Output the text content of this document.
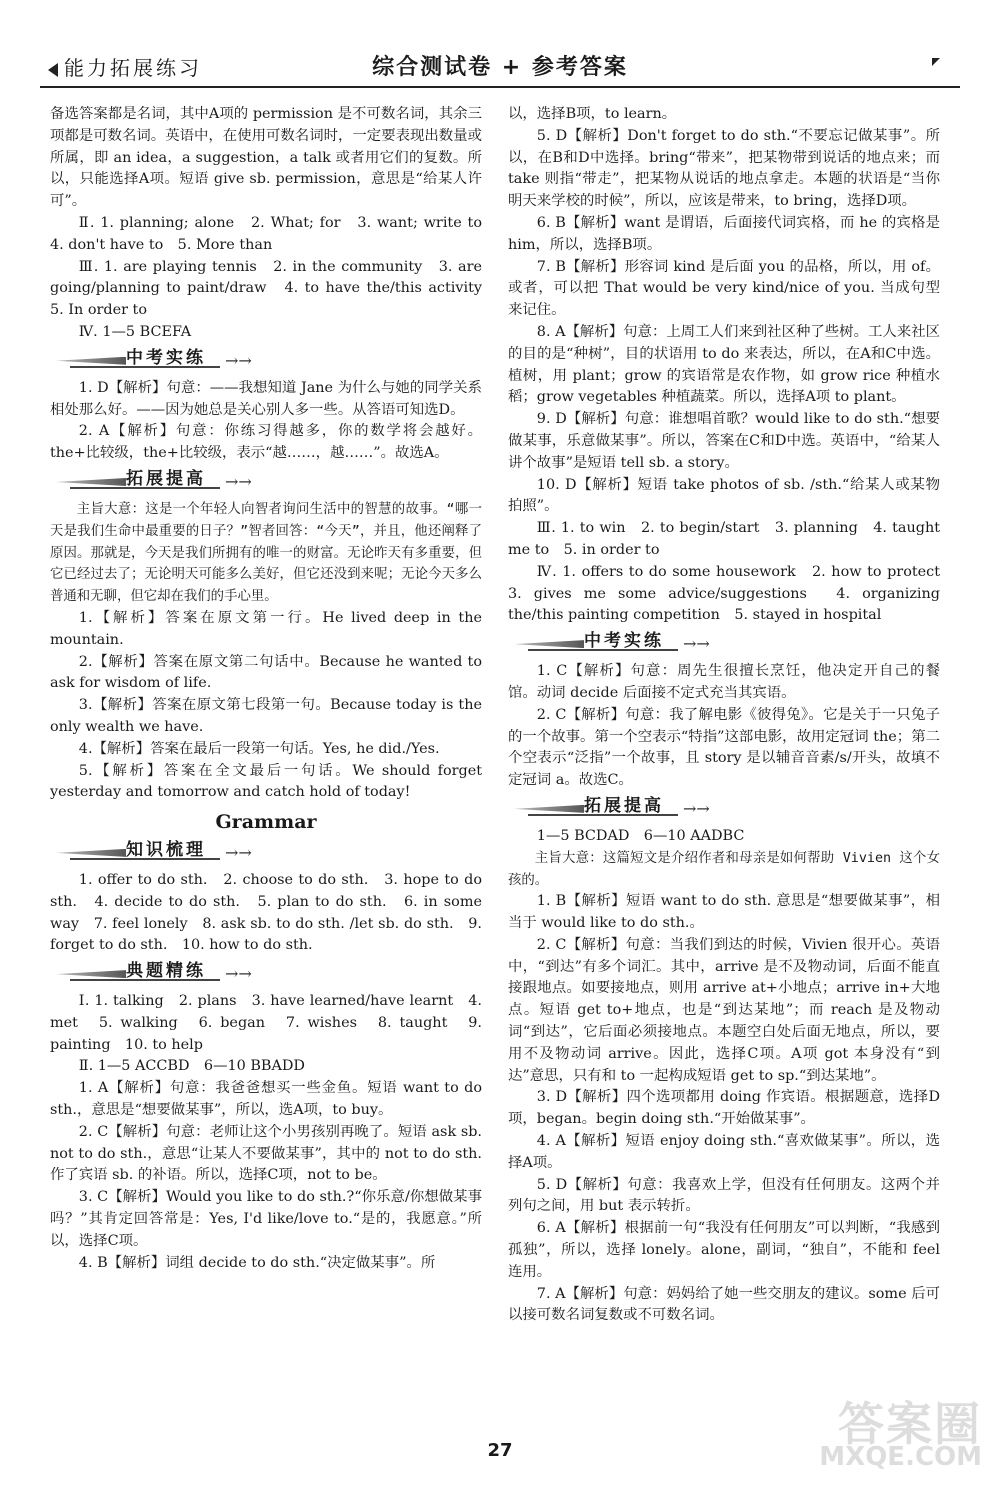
能力拓展练习	综合测试卷 + 参考答案

备选答案都是名词，其中A项的 permission 是不可数名词，其余三项都是可数名词。英语中，在使用可数名词时，一定要表现出数量或所属，即 an idea，a suggestion，a talk 或者用它们的复数。所以，只能选择A项。短语 give sb. permission，意思是“给某人许可”。

Ⅱ. 1. planning; alone　2. What; for　3. want; write to　4. don't have to　5. More than

Ⅲ. 1. are playing tennis　2. in the community　3. are going/planning to paint/draw　4. to have the/this activity　5. In order to

Ⅳ. 1—5 BCEFA

中考实练 →→

1. D【解析】句意：——我想知道 Jane 为什么与她的同学关系相处那么好。——因为她总是关心别人多一些。从答语可知选D。

2. A【解析】句意：你练习得越多，你的数学将会越好。the+比较级，the+比较级，表示“越……，越……”。故选A。

拓展提高 →→

主旨大意：这是一个年轻人向智者询问生活中的智慧的故事。“哪一天是我们生命中最重要的日子？”智者回答：“今天”，并且，他还阐释了原因。那就是，今天是我们所拥有的唯一的财富。无论昨天有多重要，但它已经过去了；无论明天可能多么美好，但它还没到来呢；无论今天多么普通和无聊，但它却在我们的手心里。

1.【解析】答案在原文第一行。He lived deep in the mountain.

2.【解析】答案在原文第二句话中。Because he wanted to ask for wisdom of life.

3.【解析】答案在原文第七段第一句。Because today is the only wealth we have.

4.【解析】答案在最后一段第一句话。Yes, he did./Yes.

5.【解析】答案在全文最后一句话。We should forget yesterday and tomorrow and catch hold of today!

Grammar
知识梳理 →→

1. offer to do sth.　2. choose to do sth.　3. hope to do sth.　4. decide to do sth.　5. plan to do sth.　6. in some way　7. feel lonely　8. ask sb. to do sth. /let sb. do sth.　9. forget to do sth.　10. how to do sth.

典题精练 →→

Ⅰ. 1. talking　2. plans　3. have learned/have learnt　4. met　5. walking　6. began　7. wishes　8. taught　9. painting　10. to help

Ⅱ. 1—5 ACCBD　6—10 BBADD

1. A【解析】句意：我爸爸想买一些金鱼。短语 want to do sth.，意思是“想要做某事”，所以，选A项，to buy。

2. C【解析】句意：老师让这个小男孩别再晚了。短语 ask sb. not to do sth.，意思“让某人不要做某事”，其中的 not to do sth. 作了宾语 sb. 的补语。所以，选择C项，not to be。

3. C【解析】Would you like to do sth.?“你乐意/你想做某事吗？”其肯定回答常是：Yes, I'd like/love to.“是的，我愿意。”所以，选择C项。

4. B【解析】词组 decide to do sth.“决定做某事”。所

以，选择B项，to learn。

5. D【解析】Don't forget to do sth.“不要忘记做某事”。所以，在B和D中选择。bring“带来”，把某物带到说话的地点来；而 take 则指“带走”，把某物从说话的地点拿走。本题的状语是“当你明天来学校的时候”，所以，应该是带来，to bring，选择D项。

6. B【解析】want 是谓语，后面接代词宾格，而 he 的宾格是 him，所以，选择B项。

7. B【解析】形容词 kind 是后面 you 的品格，所以，用 of。或者，可以把 That would be very kind/nice of you. 当成句型来记住。

8. A【解析】句意：上周工人们来到社区种了些树。工人来社区的目的是“种树”，目的状语用 to do 来表达，所以，在A和C中选。植树，用 plant；grow 的宾语常是农作物，如 grow rice 种植水稻；grow vegetables 种植蔬菜。所以，选择A项 to plant。

9. D【解析】句意：谁想唱首歌？would like to do sth.“想要做某事，乐意做某事”。所以，答案在C和D中选。英语中，“给某人讲个故事”是短语 tell sb. a story。

10. D【解析】短语 take photos of sb. /sth.“给某人或某物拍照”。

Ⅲ. 1. to win　2. to begin/start　3. planning　4. taught me to　5. in order to

Ⅳ. 1. offers to do some housework　2. how to protect　3. gives me some advice/suggestions　4. organizing the/this painting competition　5. stayed in hospital

中考实练 →→

1. C【解析】句意：周先生很擅长烹饪，他决定开自己的餐馆。动词 decide 后面接不定式充当其宾语。

2. C【解析】句意：我了解电影《彼得兔》。它是关于一只兔子的一个故事。第一个空表示“特指”这部电影，故用定冠词 the；第二个空表示“泛指”一个故事，且 story 是以辅音音素/s/开头，故填不定冠词 a。故选C。

拓展提高 →→

1—5 BCDAD　6—10 AADBC

主旨大意：这篇短文是介绍作者和母亲是如何帮助 Vivien 这个女孩的。

1. B【解析】短语 want to do sth. 意思是“想要做某事”，相当于 would like to do sth.。

2. C【解析】句意：当我们到达的时候，Vivien 很开心。英语中，“到达”有多个词汇。其中，arrive 是不及物动词，后面不能直接跟地点。如要接地点，则用 arrive at+小地点；arrive in+大地点。短语 get to+地点，也是“到达某地”；而 reach 是及物动词“到达”，它后面必须接地点。本题空白处后面无地点，所以，要用不及物动词 arrive。因此，选择C项。A项 got 本身没有“到达”意思，只有和 to 一起构成短语 get to sp.“到达某地”。

3. D【解析】四个选项都用 doing 作宾语。根据题意，选择D项，began。begin doing sth.“开始做某事”。

4. A【解析】短语 enjoy doing sth.“喜欢做某事”。所以，选择A项。

5. D【解析】句意：我喜欢上学，但没有任何朋友。这两个并列句之间，用 but 表示转折。

6. A【解析】根据前一句“我没有任何朋友”可以判断，“我感到孤独”，所以，选择 lonely。alone，副词，“独自”，不能和 feel 连用。

7. A【解析】句意：妈妈给了她一些交朋友的建议。some 后可以接可数名词复数或不可数名词。

27	答案圈
MXQE.COM
